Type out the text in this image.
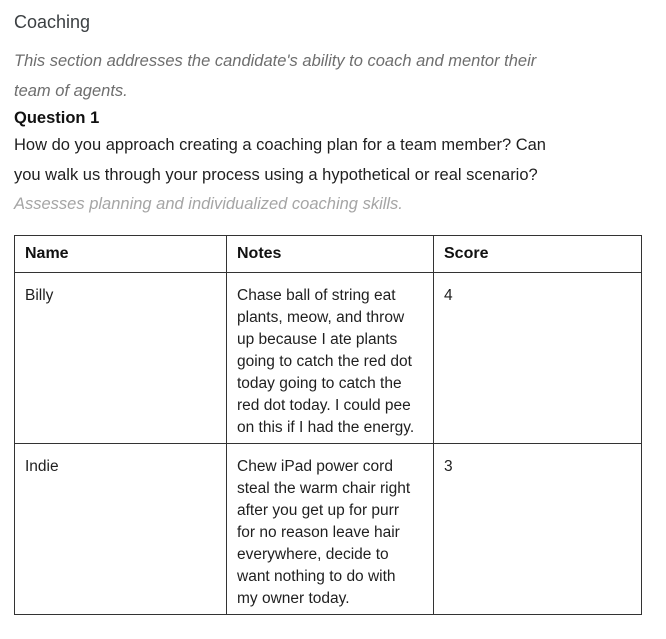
Coaching

This section addresses the candidate's ability to coach and mentor their team of agents.

Question 1

How do you approach creating a coaching plan for a team member? Can you walk us through your process using a hypothetical or real scenario?

Assesses planning and individualized coaching skills.

Name	Notes	Score
Billy	Chase ball of string eat plants, meow, and throw up because I ate plants going to catch the red dot today going to catch the red dot today. I could pee on this if I had the energy.	4
Indie	Chew iPad power cord steal the warm chair right after you get up for purr for no reason leave hair everywhere, decide to want nothing to do with my owner today.	3
